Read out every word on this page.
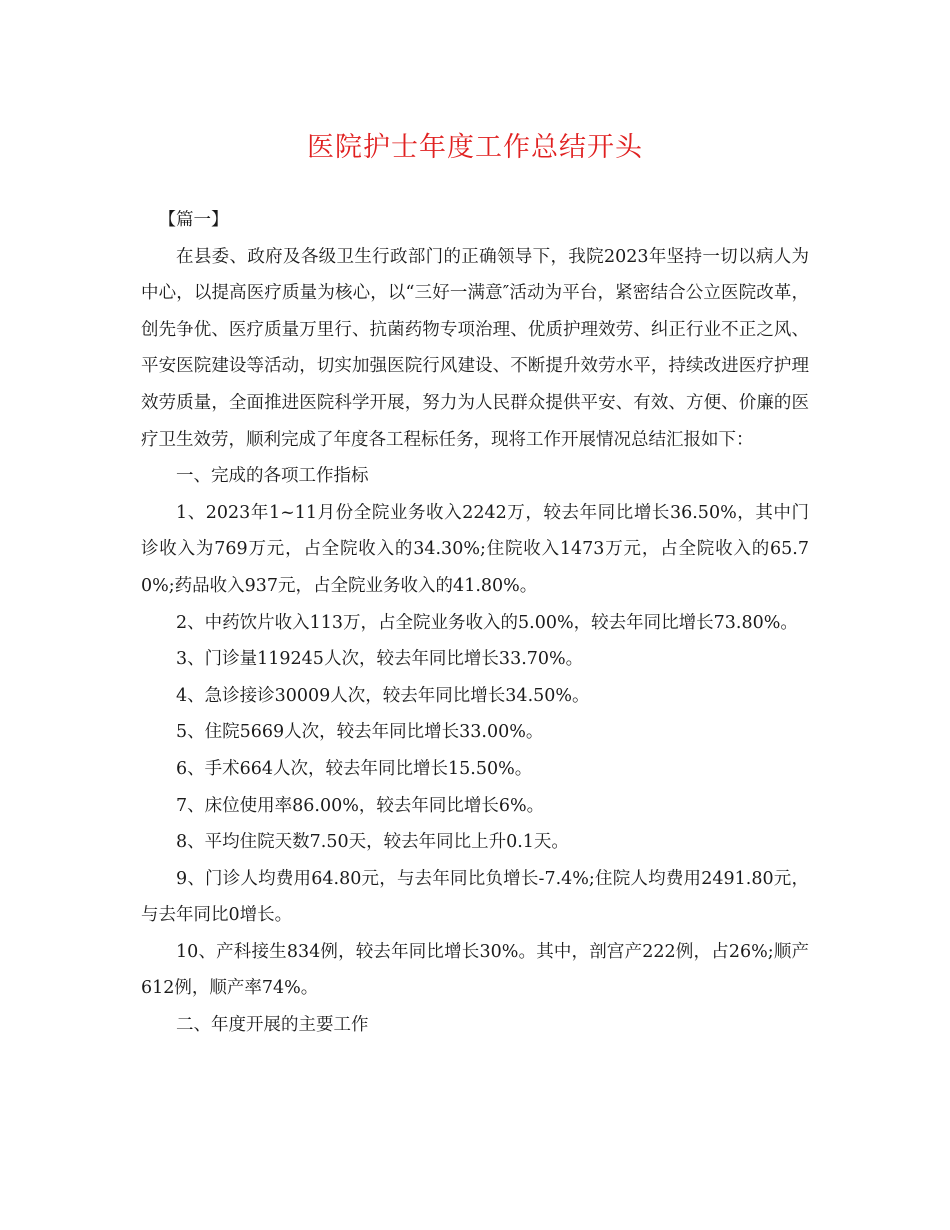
医院护士年度工作总结开头

【篇一】

在县委、政府及各级卫生行政部门的正确领导下，我院2023年坚持一切以病人为中心，以提高医疗质量为核心，以“三好一满意″活动为平台，紧密结合公立医院改革，创先争优、医疗质量万里行、抗菌药物专项治理、优质护理效劳、纠正行业不正之风、平安医院建设等活动，切实加强医院行风建设、不断提升效劳水平，持续改进医疗护理效劳质量，全面推进医院科学开展，努力为人民群众提供平安、有效、方便、价廉的医疗卫生效劳，顺利完成了年度各工程标任务，现将工作开展情况总结汇报如下：

一、完成的各项工作指标

1、2023年1~11月份全院业务收入2242万，较去年同比增长36.50%，其中门诊收入为769万元，占全院收入的34.30%;住院收入1473万元，占全院收入的65.70%;药品收入937元，占全院业务收入的41.80%。

2、中药饮片收入113万，占全院业务收入的5.00%，较去年同比增长73.80%。

3、门诊量119245人次，较去年同比增长33.70%。

4、急诊接诊30009人次，较去年同比增长34.50%。

5、住院5669人次，较去年同比增长33.00%。

6、手术664人次，较去年同比增长15.50%。

7、床位使用率86.00%，较去年同比增长6%。

8、平均住院天数7.50天，较去年同比上升0.1天。

9、门诊人均费用64.80元，与去年同比负增长-7.4%;住院人均费用2491.80元，与去年同比0增长。

10、产科接生834例，较去年同比增长30%。其中，剖宫产222例，占26%;顺产612例，顺产率74%。

二、年度开展的主要工作
